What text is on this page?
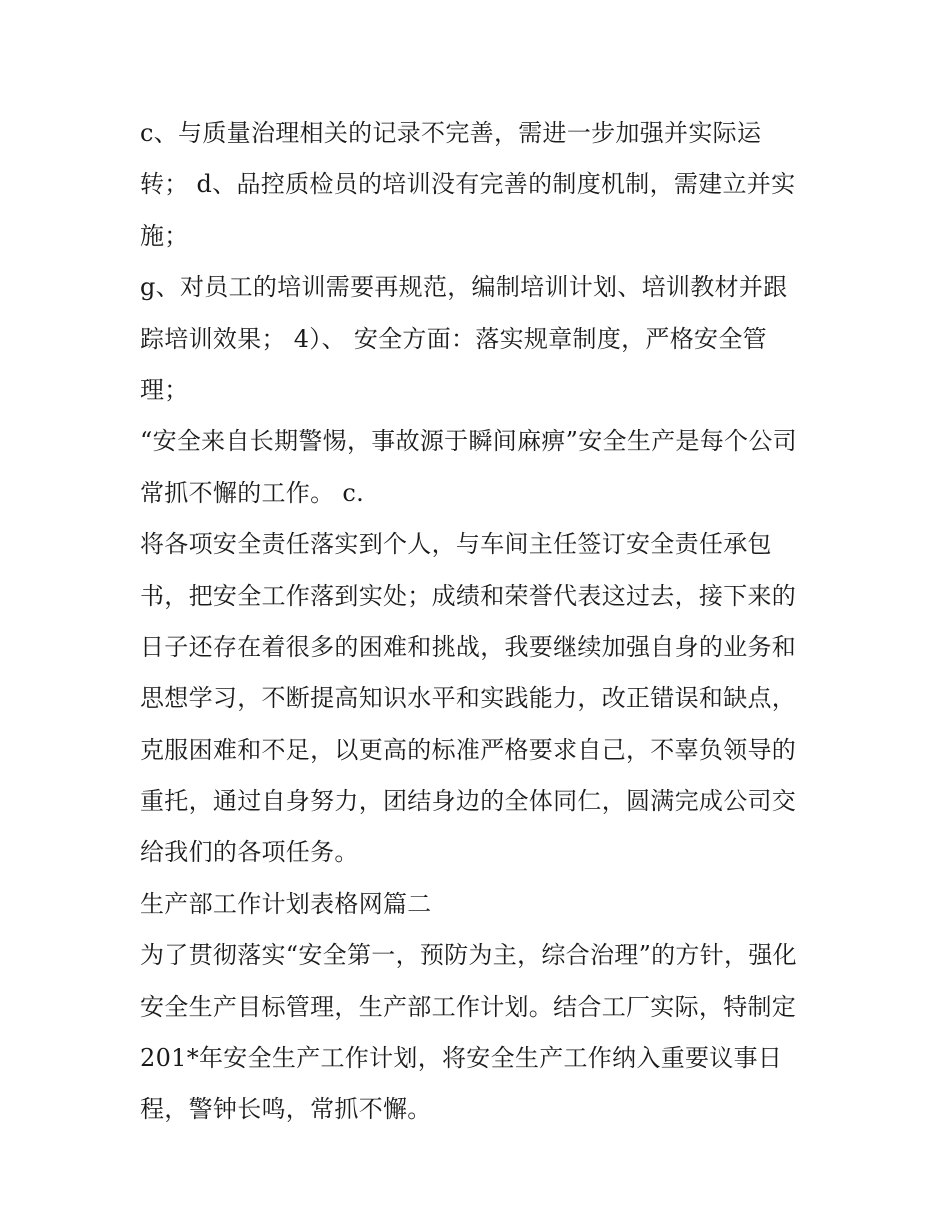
c、与质量治理相关的记录不完善，需进一步加强并实际运
转； d、品控质检员的培训没有完善的制度机制，需建立并实
施；
g、对员工的培训需要再规范，编制培训计划、培训教材并跟
踪培训效果； 4）、 安全方面：落实规章制度，严格安全管
理；
“安全来自长期警惕，事故源于瞬间麻痹”安全生产是每个公司
常抓不懈的工作。 c.
将各项安全责任落实到个人，与车间主任签订安全责任承包
书，把安全工作落到实处；成绩和荣誉代表这过去，接下来的
日子还存在着很多的困难和挑战，我要继续加强自身的业务和
思想学习，不断提高知识水平和实践能力，改正错误和缺点，
克服困难和不足，以更高的标准严格要求自己，不辜负领导的
重托，通过自身努力，团结身边的全体同仁，圆满完成公司交
给我们的各项任务。
生产部工作计划表格网篇二
为了贯彻落实“安全第一，预防为主，综合治理”的方针，强化
安全生产目标管理，生产部工作计划。结合工厂实际，特制定
201*年安全生产工作计划，将安全生产工作纳入重要议事日
程，警钟长鸣，常抓不懈。
